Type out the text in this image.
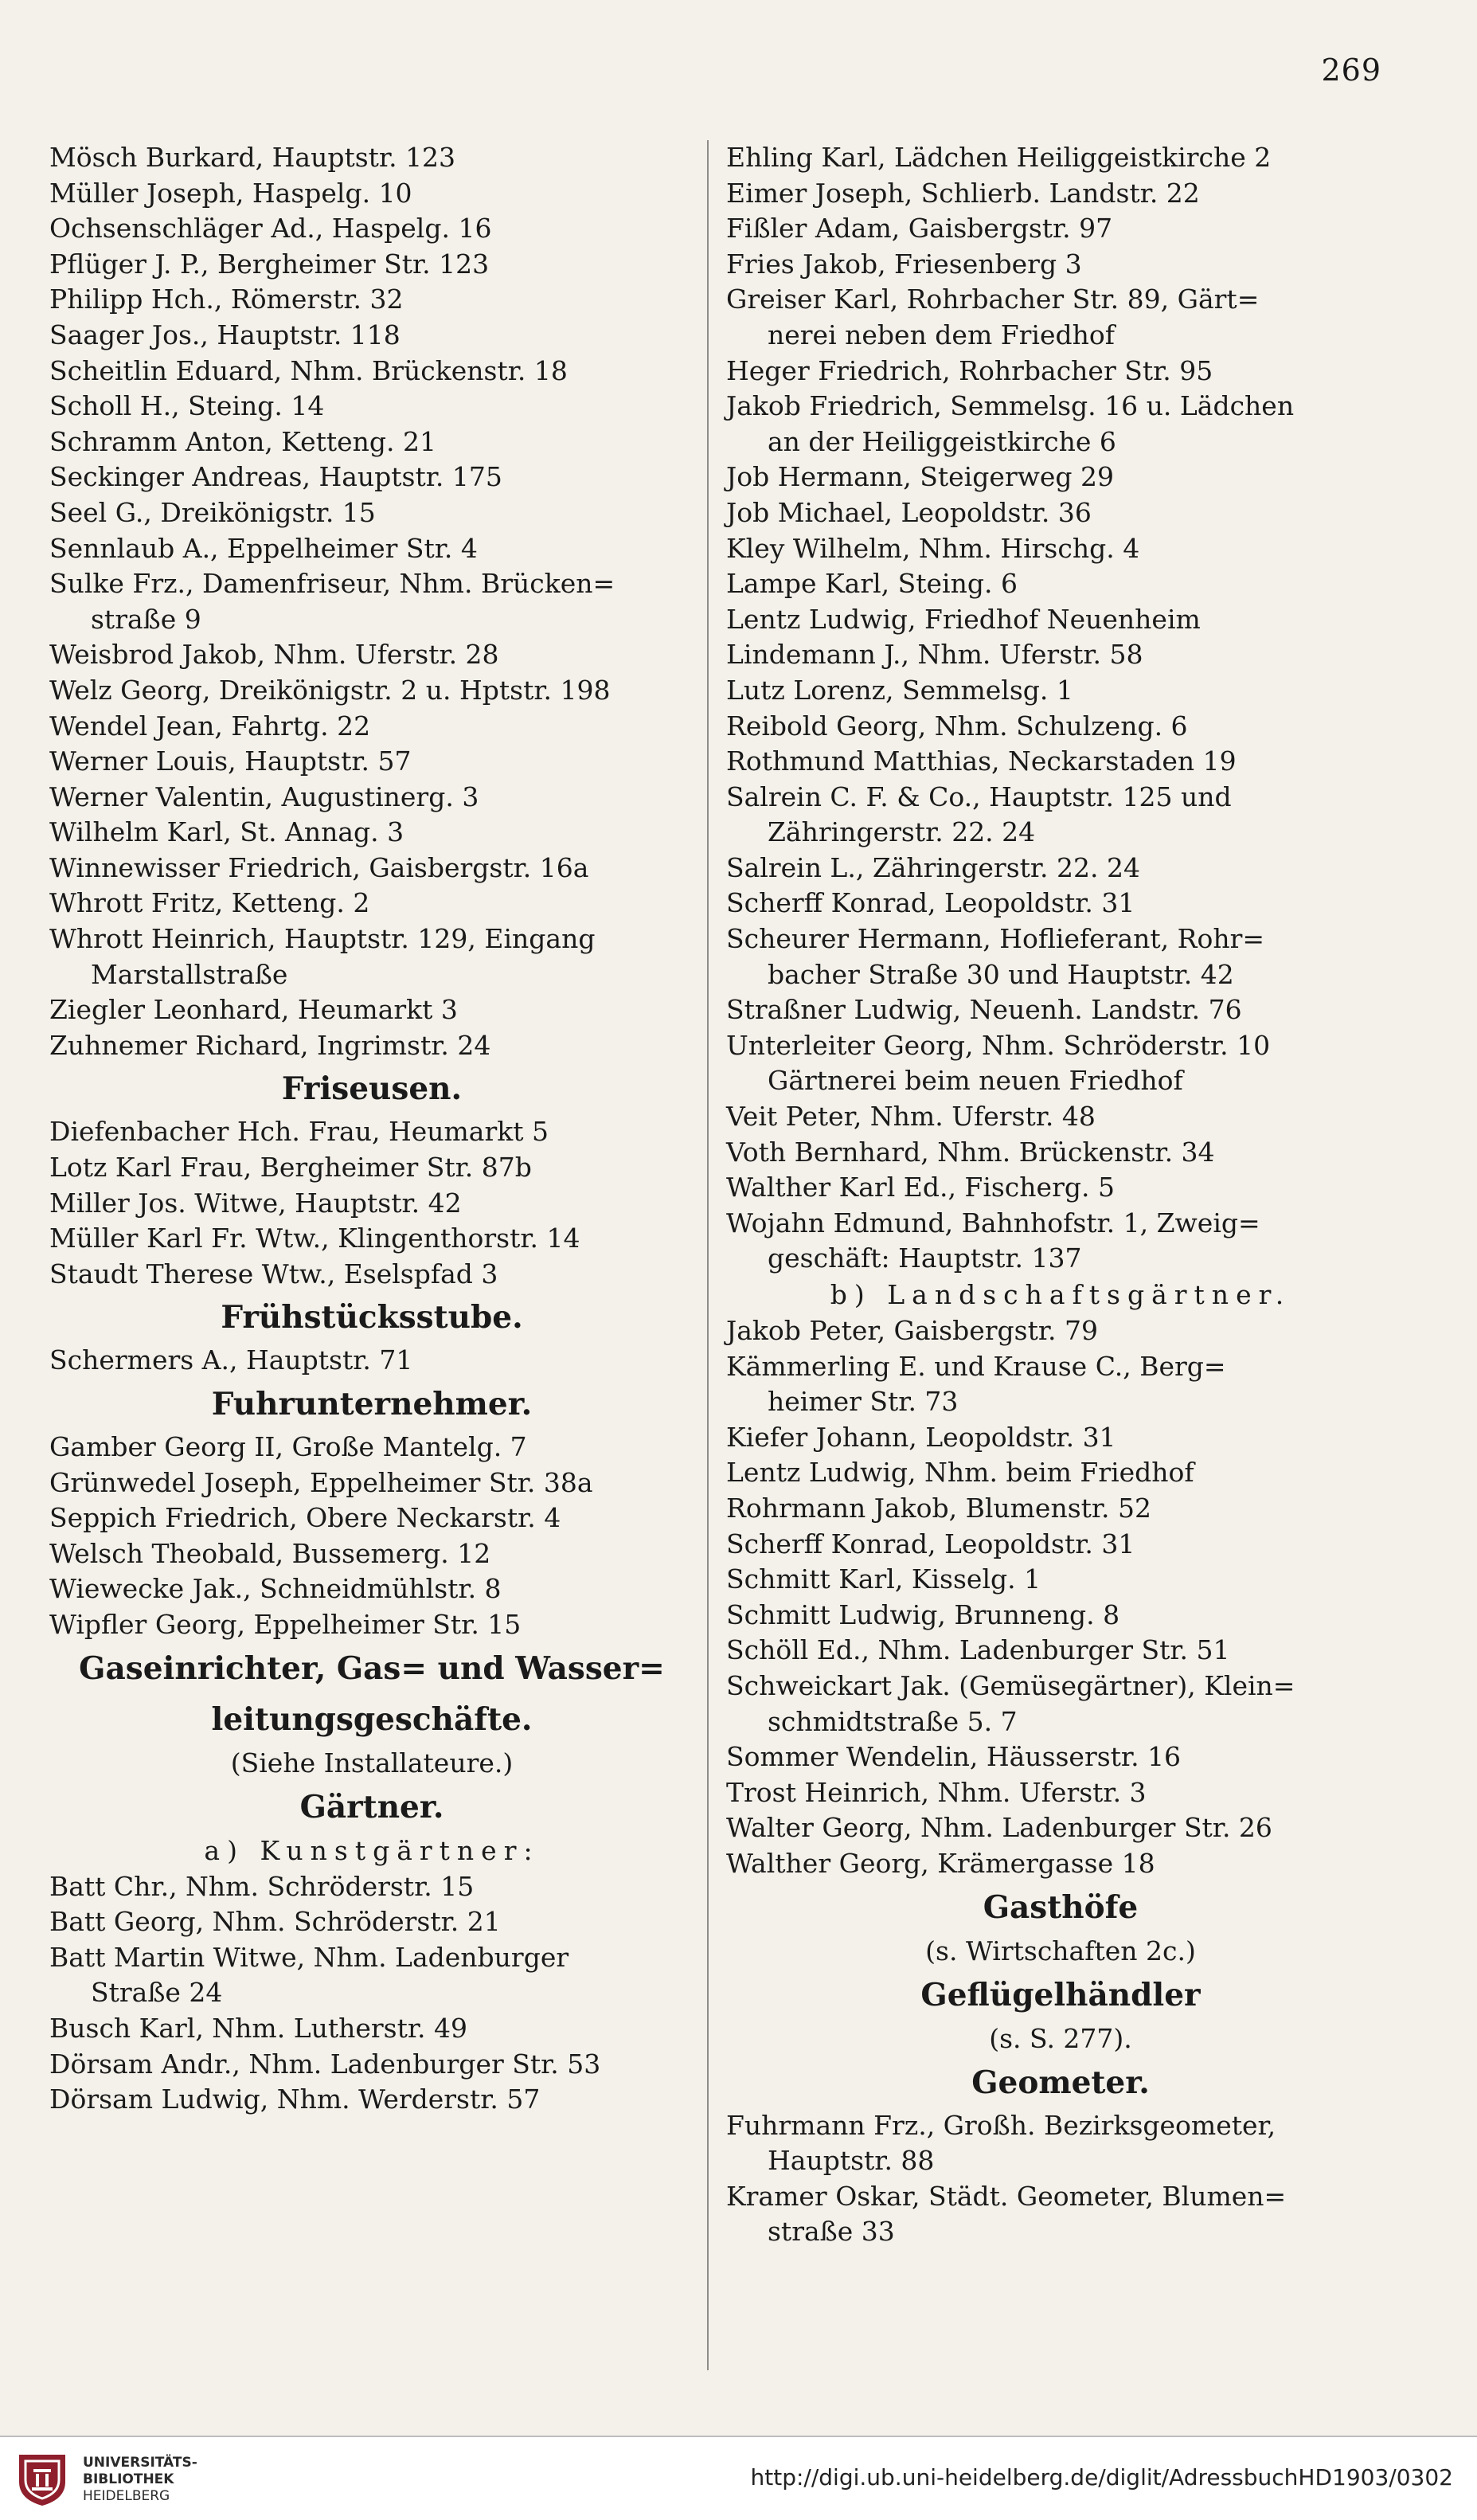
269
Mösch Burkard, Hauptstr. 123
Müller Joseph, Haspelg. 10
Ochsenschläger Ad., Haspelg. 16
Pflüger J. P., Bergheimer Str. 123
Philipp Hch., Römerstr. 32
Saager Jos., Hauptstr. 118
Scheitlin Eduard, Nhm. Brückenstr. 18
Scholl H., Steing. 14
Schramm Anton, Ketteng. 21
Seckinger Andreas, Hauptstr. 175
Seel G., Dreikönigstr. 15
Sennlaub A., Eppelheimer Str. 4
Sulke Frz., Damenfriseur, Nhm. Brücken=
straße 9
Weisbrod Jakob, Nhm. Uferstr. 28
Welz Georg, Dreikönigstr. 2 u. Hptstr. 198
Wendel Jean, Fahrtg. 22
Werner Louis, Hauptstr. 57
Werner Valentin, Augustinerg. 3
Wilhelm Karl, St. Annag. 3
Winnewisser Friedrich, Gaisbergstr. 16a
Whrott Fritz, Ketteng. 2
Whrott Heinrich, Hauptstr. 129, Eingang
Marstallstraße
Ziegler Leonhard, Heumarkt 3
Zuhnemer Richard, Ingrimstr. 24
Friseusen.
Diefenbacher Hch. Frau, Heumarkt 5
Lotz Karl Frau, Bergheimer Str. 87b
Miller Jos. Witwe, Hauptstr. 42
Müller Karl Fr. Wtw., Klingenthorstr. 14
Staudt Therese Wtw., Eselspfad 3
Frühstücksstube.
Schermers A., Hauptstr. 71
Fuhrunternehmer.
Gamber Georg II, Große Mantelg. 7
Grünwedel Joseph, Eppelheimer Str. 38a
Seppich Friedrich, Obere Neckarstr. 4
Welsch Theobald, Bussemerg. 12
Wiewecke Jak., Schneidmühlstr. 8
Wipfler Georg, Eppelheimer Str. 15
Gaseinrichter, Gas= und Wasser=
leitungsgeschäfte.
(Siehe Installateure.)
Gärtner.
a) Kunstgärtner:
Batt Chr., Nhm. Schröderstr. 15
Batt Georg, Nhm. Schröderstr. 21
Batt Martin Witwe, Nhm. Ladenburger
Straße 24
Busch Karl, Nhm. Lutherstr. 49
Dörsam Andr., Nhm. Ladenburger Str. 53
Dörsam Ludwig, Nhm. Werderstr. 57
Ehling Karl, Lädchen Heiliggeistkirche 2
Eimer Joseph, Schlierb. Landstr. 22
Fißler Adam, Gaisbergstr. 97
Fries Jakob, Friesenberg 3
Greiser Karl, Rohrbacher Str. 89, Gärt=
nerei neben dem Friedhof
Heger Friedrich, Rohrbacher Str. 95
Jakob Friedrich, Semmelsg. 16 u. Lädchen
an der Heiliggeistkirche 6
Job Hermann, Steigerweg 29
Job Michael, Leopoldstr. 36
Kley Wilhelm, Nhm. Hirschg. 4
Lampe Karl, Steing. 6
Lentz Ludwig, Friedhof Neuenheim
Lindemann J., Nhm. Uferstr. 58
Lutz Lorenz, Semmelsg. 1
Reibold Georg, Nhm. Schulzeng. 6
Rothmund Matthias, Neckarstaden 19
Salrein C. F. & Co., Hauptstr. 125 und
Zähringerstr. 22. 24
Salrein L., Zähringerstr. 22. 24
Scherff Konrad, Leopoldstr. 31
Scheurer Hermann, Hoflieferant, Rohr=
bacher Straße 30 und Hauptstr. 42
Straßner Ludwig, Neuenh. Landstr. 76
Unterleiter Georg, Nhm. Schröderstr. 10
Gärtnerei beim neuen Friedhof
Veit Peter, Nhm. Uferstr. 48
Voth Bernhard, Nhm. Brückenstr. 34
Walther Karl Ed., Fischerg. 5
Wojahn Edmund, Bahnhofstr. 1, Zweig=
geschäft: Hauptstr. 137
b) Landschaftsgärtner.
Jakob Peter, Gaisbergstr. 79
Kämmerling E. und Krause C., Berg=
heimer Str. 73
Kiefer Johann, Leopoldstr. 31
Lentz Ludwig, Nhm. beim Friedhof
Rohrmann Jakob, Blumenstr. 52
Scherff Konrad, Leopoldstr. 31
Schmitt Karl, Kisselg. 1
Schmitt Ludwig, Brunneng. 8
Schöll Ed., Nhm. Ladenburger Str. 51
Schweickart Jak. (Gemüsegärtner), Klein=
schmidtstraße 5. 7
Sommer Wendelin, Häusserstr. 16
Trost Heinrich, Nhm. Uferstr. 3
Walter Georg, Nhm. Ladenburger Str. 26
Walther Georg, Krämergasse 18
Gasthöfe
(s. Wirtschaften 2c.)
Geflügelhändler
(s. S. 277).
Geometer.
Fuhrmann Frz., Großh. Bezirksgeometer,
Hauptstr. 88
Kramer Oskar, Städt. Geometer, Blumen=
straße 33
UNIVERSITÄTS-
BIBLIOTHEK
HEIDELBERG
http://digi.ub.uni-heidelberg.de/diglit/AdressbuchHD1903/0302
